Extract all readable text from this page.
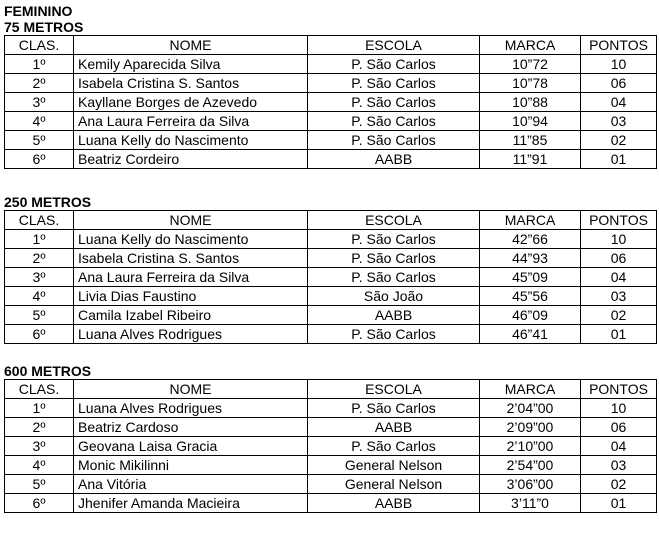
FEMININO
75 METROS
CLAS.	NOME	ESCOLA	MARCA	PONTOS
1º	Kemily Aparecida Silva	P. São Carlos	10”72	10
2º	Isabela Cristina S. Santos	P. São Carlos	10”78	06
3º	Kayllane Borges de Azevedo	P. São Carlos	10”88	04
4º	Ana Laura Ferreira da Silva	P. São Carlos	10”94	03
5º	Luana Kelly do Nascimento	P. São Carlos	11”85	02
6º	Beatriz Cordeiro	AABB	11”91	01
250 METROS
CLAS.	NOME	ESCOLA	MARCA	PONTOS
1º	Luana Kelly do Nascimento	P. São Carlos	42”66	10
2º	Isabela Cristina S. Santos	P. São Carlos	44”93	06
3º	Ana Laura Ferreira da Silva	P. São Carlos	45”09	04
4º	Livia Dias Faustino	São João	45”56	03
5º	Camila Izabel Ribeiro	AABB	46”09	02
6º	Luana Alves Rodrigues	P. São Carlos	46”41	01
600 METROS
CLAS.	NOME	ESCOLA	MARCA	PONTOS
1º	Luana Alves Rodrigues	P. São Carlos	2’04”00	10
2º	Beatriz Cardoso	AABB	2’09”00	06
3º	Geovana Laisa Gracia	P. São Carlos	2’10”00	04
4º	Monic Mikilinni	General Nelson	2’54”00	03
5º	Ana Vitória	General Nelson	3’06”00	02
6º	Jhenifer Amanda Macieira	AABB	3’11”0	01
